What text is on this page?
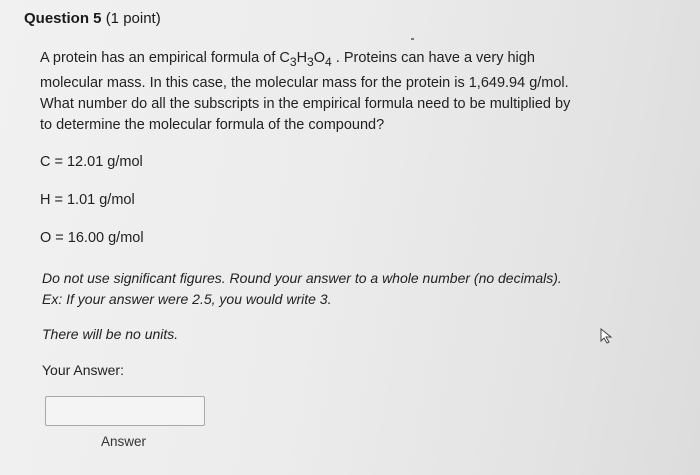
Question 5 (1 point)

A protein has an empirical formula of $C_3H_3O_4$ . Proteins can have a very high

molecular mass. In this case, the molecular mass for the protein is 1,649.94 g/mol.

What number do all the subscripts in the empirical formula need to be multiplied by

to determine the molecular formula of the compound?

C = 12.01 g/mol
H = 1.01 g/mol
O = 16.00 g/mol
Do not use significant figures. Round your answer to a whole number (no decimals).
Ex: If your answer were 2.5, you would write 3.
There will be no units.
Your Answer:
Answer
